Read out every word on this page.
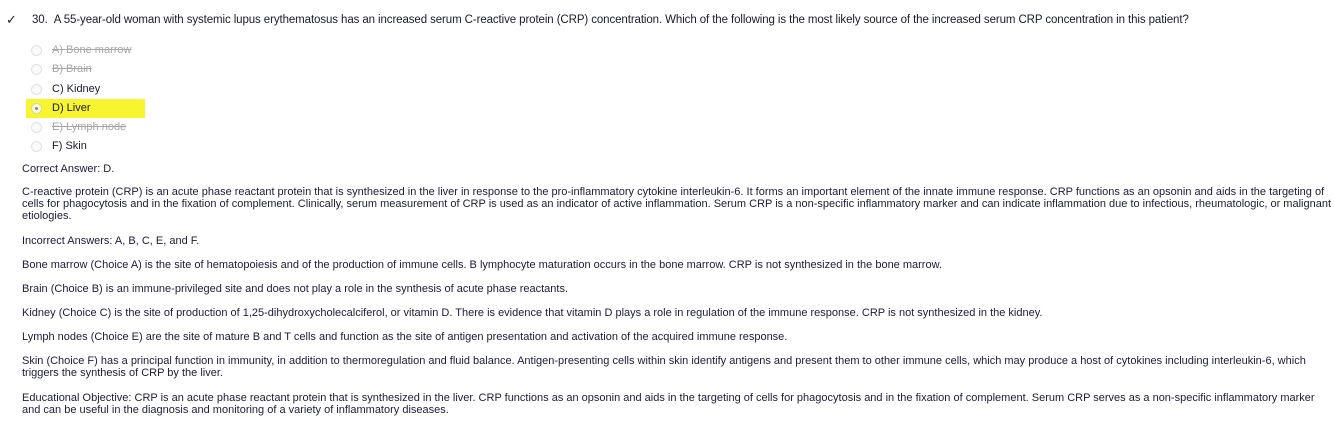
✓ 30. A 55-year-old woman with systemic lupus erythematosus has an increased serum C-reactive protein (CRP) concentration. Which of the following is the most likely source of the increased serum CRP concentration in this patient?
A) Bone marrow
B) Brain
C) Kidney
D) Liver
E) Lymph node
F) Skin

Correct Answer: D.

C-reactive protein (CRP) is an acute phase reactant protein that is synthesized in the liver in response to the pro-inflammatory cytokine interleukin-6. It forms an important element of the innate immune response. CRP functions as an opsonin and aids in the targeting of cells for phagocytosis and in the fixation of complement. Clinically, serum measurement of CRP is used as an indicator of active inflammation. Serum CRP is a non-specific inflammatory marker and can indicate inflammation due to infectious, rheumatologic, or malignant etiologies.

Incorrect Answers: A, B, C, E, and F.

Bone marrow (Choice A) is the site of hematopoiesis and of the production of immune cells. B lymphocyte maturation occurs in the bone marrow. CRP is not synthesized in the bone marrow.

Brain (Choice B) is an immune-privileged site and does not play a role in the synthesis of acute phase reactants.

Kidney (Choice C) is the site of production of 1,25-dihydroxycholecalciferol, or vitamin D. There is evidence that vitamin D plays a role in regulation of the immune response. CRP is not synthesized in the kidney.

Lymph nodes (Choice E) are the site of mature B and T cells and function as the site of antigen presentation and activation of the acquired immune response.

Skin (Choice F) has a principal function in immunity, in addition to thermoregulation and fluid balance. Antigen-presenting cells within skin identify antigens and present them to other immune cells, which may produce a host of cytokines including interleukin-6, which triggers the synthesis of CRP by the liver.

Educational Objective: CRP is an acute phase reactant protein that is synthesized in the liver. CRP functions as an opsonin and aids in the targeting of cells for phagocytosis and in the fixation of complement. Serum CRP serves as a non-specific inflammatory marker and can be useful in the diagnosis and monitoring of a variety of inflammatory diseases.
